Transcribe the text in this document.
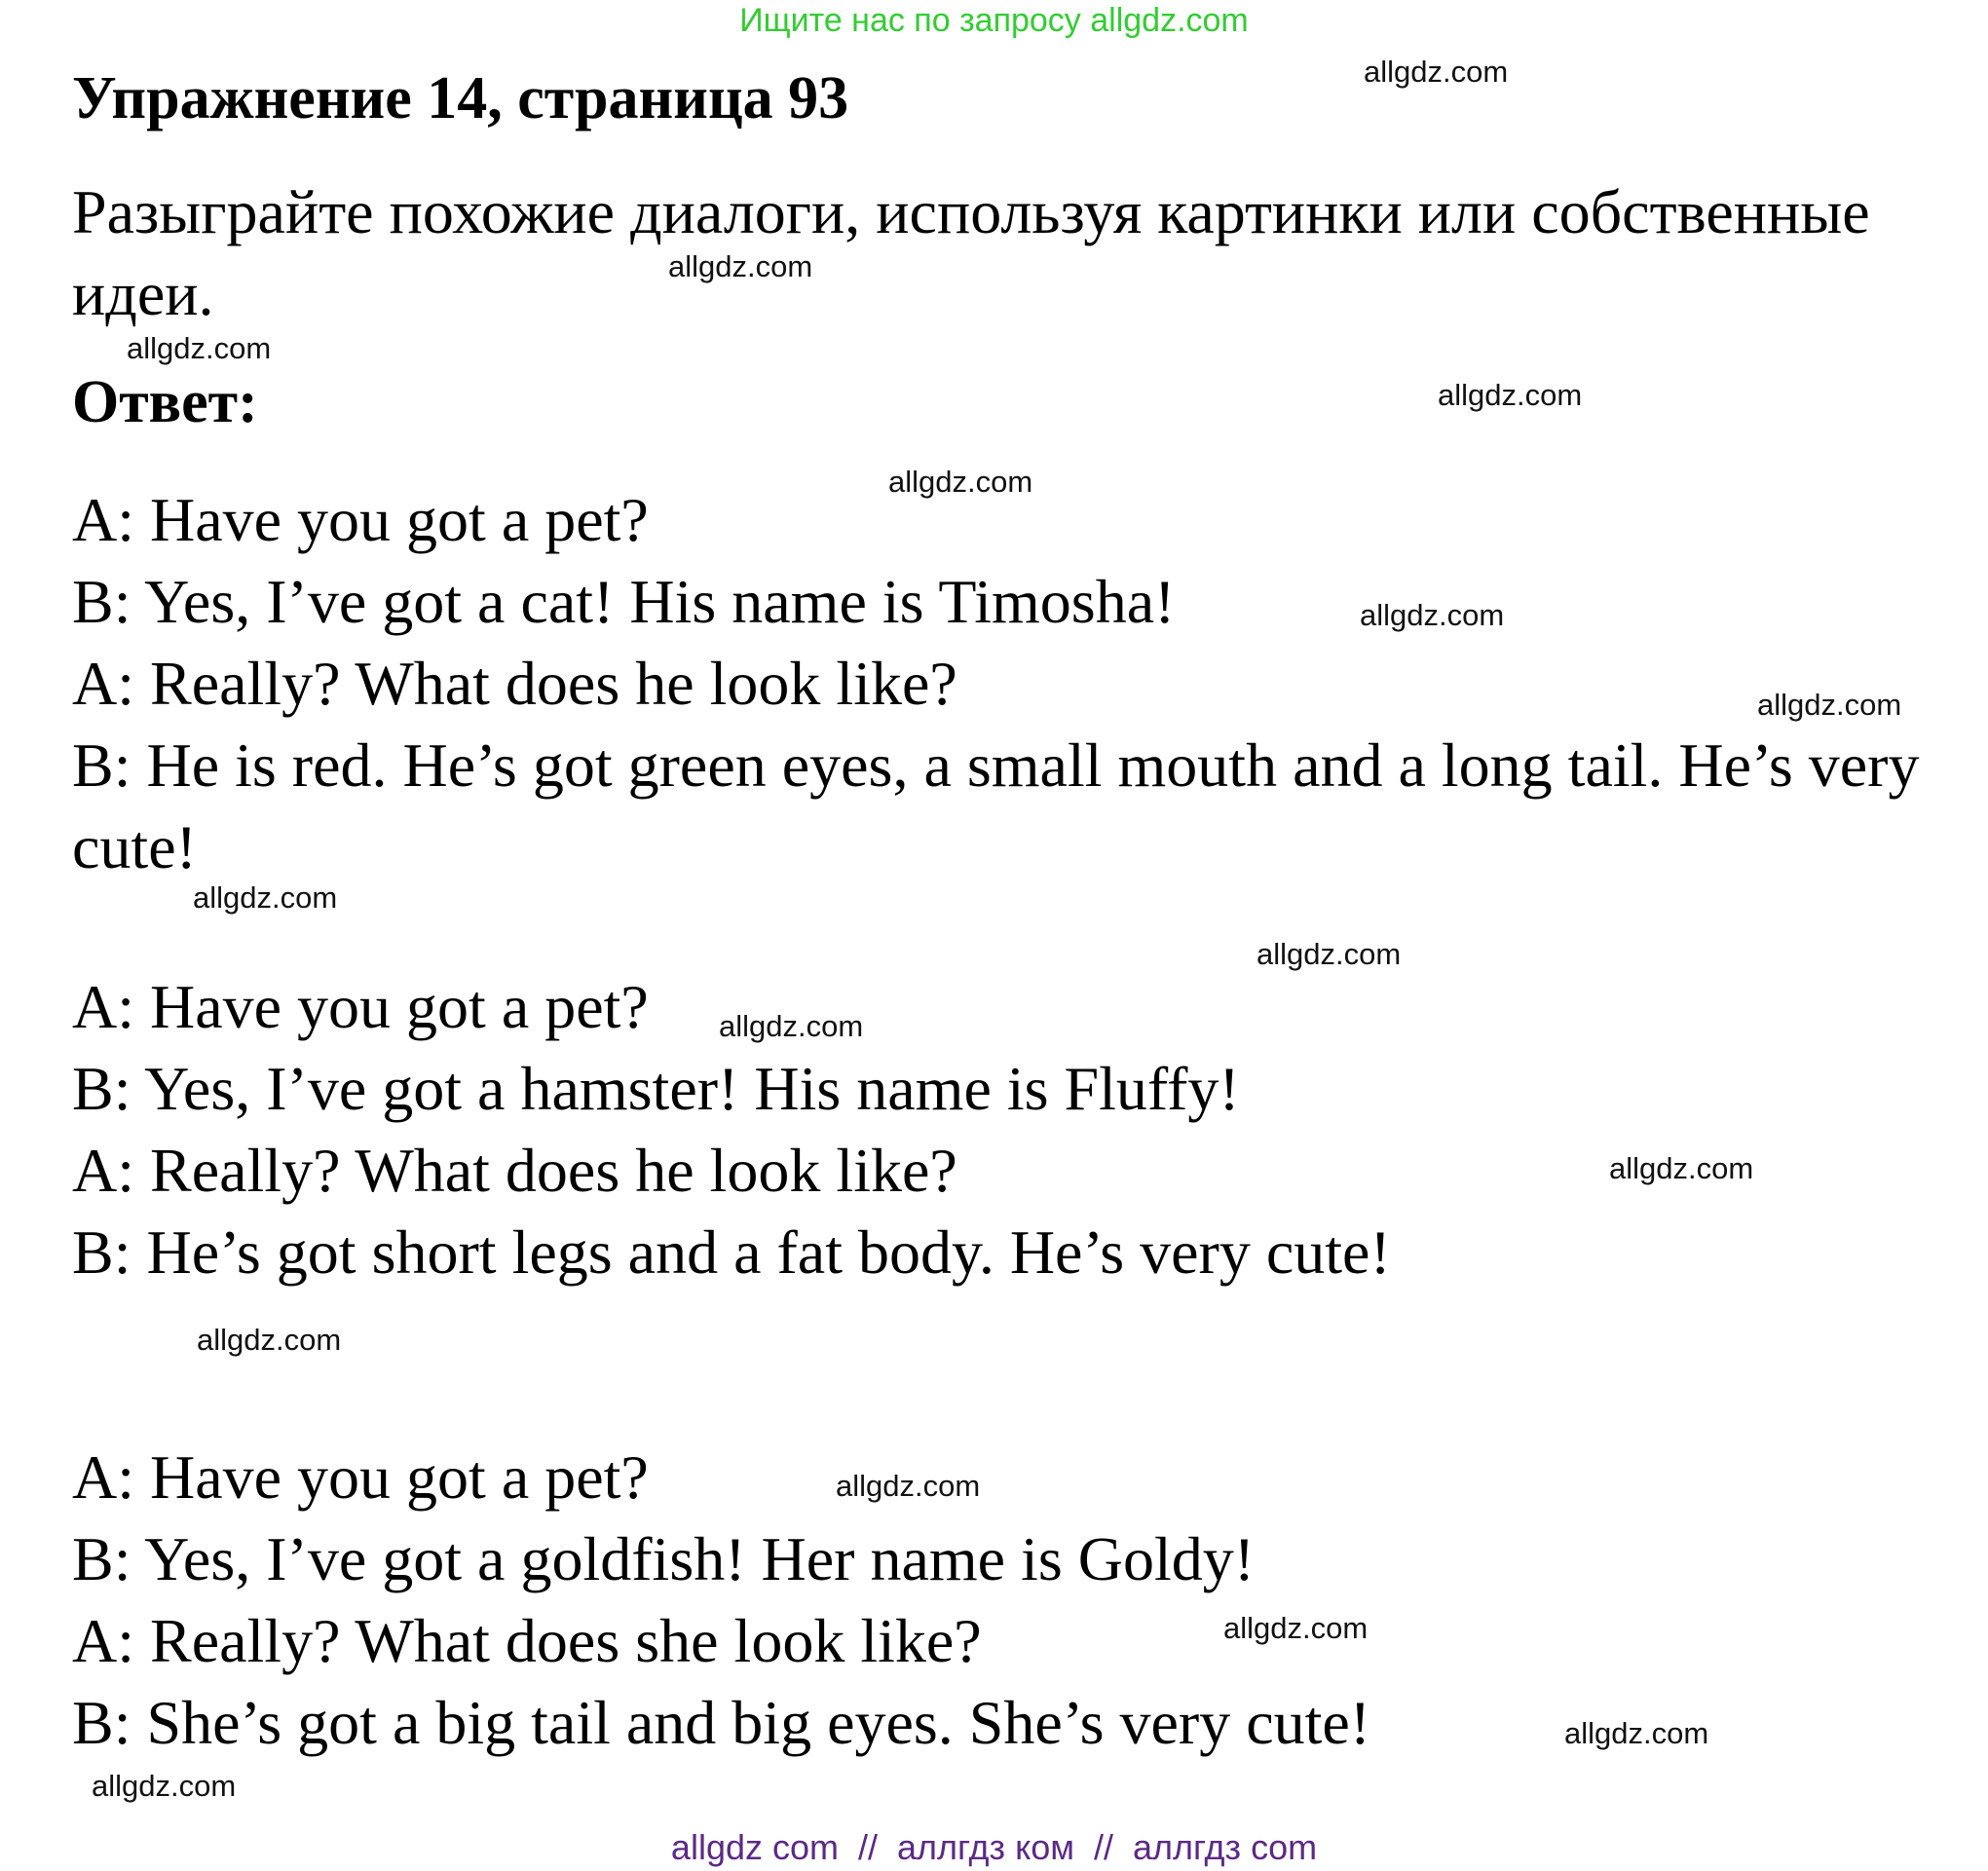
Ищите нас по запросу allgdz.com
Упражнение 14, страница 93
Разыграйте похожие диалоги, используя картинки или собственные идеи.
Ответ:
A: Have you got a pet?
B: Yes, I’ve got a cat! His name is Timosha!
A: Really? What does he look like?
B: He is red. He’s got green eyes, a small mouth and a long tail. He’s very cute!
A: Have you got a pet?
B: Yes, I’ve got a hamster! His name is Fluffy!
A: Really? What does he look like?
B: He’s got short legs and a fat body. He’s very cute!
A: Have you got a pet?
B: Yes, I’ve got a goldfish! Her name is Goldy!
A: Really? What does she look like?
B: She’s got a big tail and big eyes. She’s very cute!
allgdz.com
allgdz.com
allgdz.com
allgdz.com
allgdz.com
allgdz.com
allgdz.com
allgdz.com
allgdz.com
allgdz.com
allgdz.com
allgdz.com
allgdz.com
allgdz.com
allgdz.com
allgdz.com
allgdz com  //  аллгдз ком  //  аллгдз com
